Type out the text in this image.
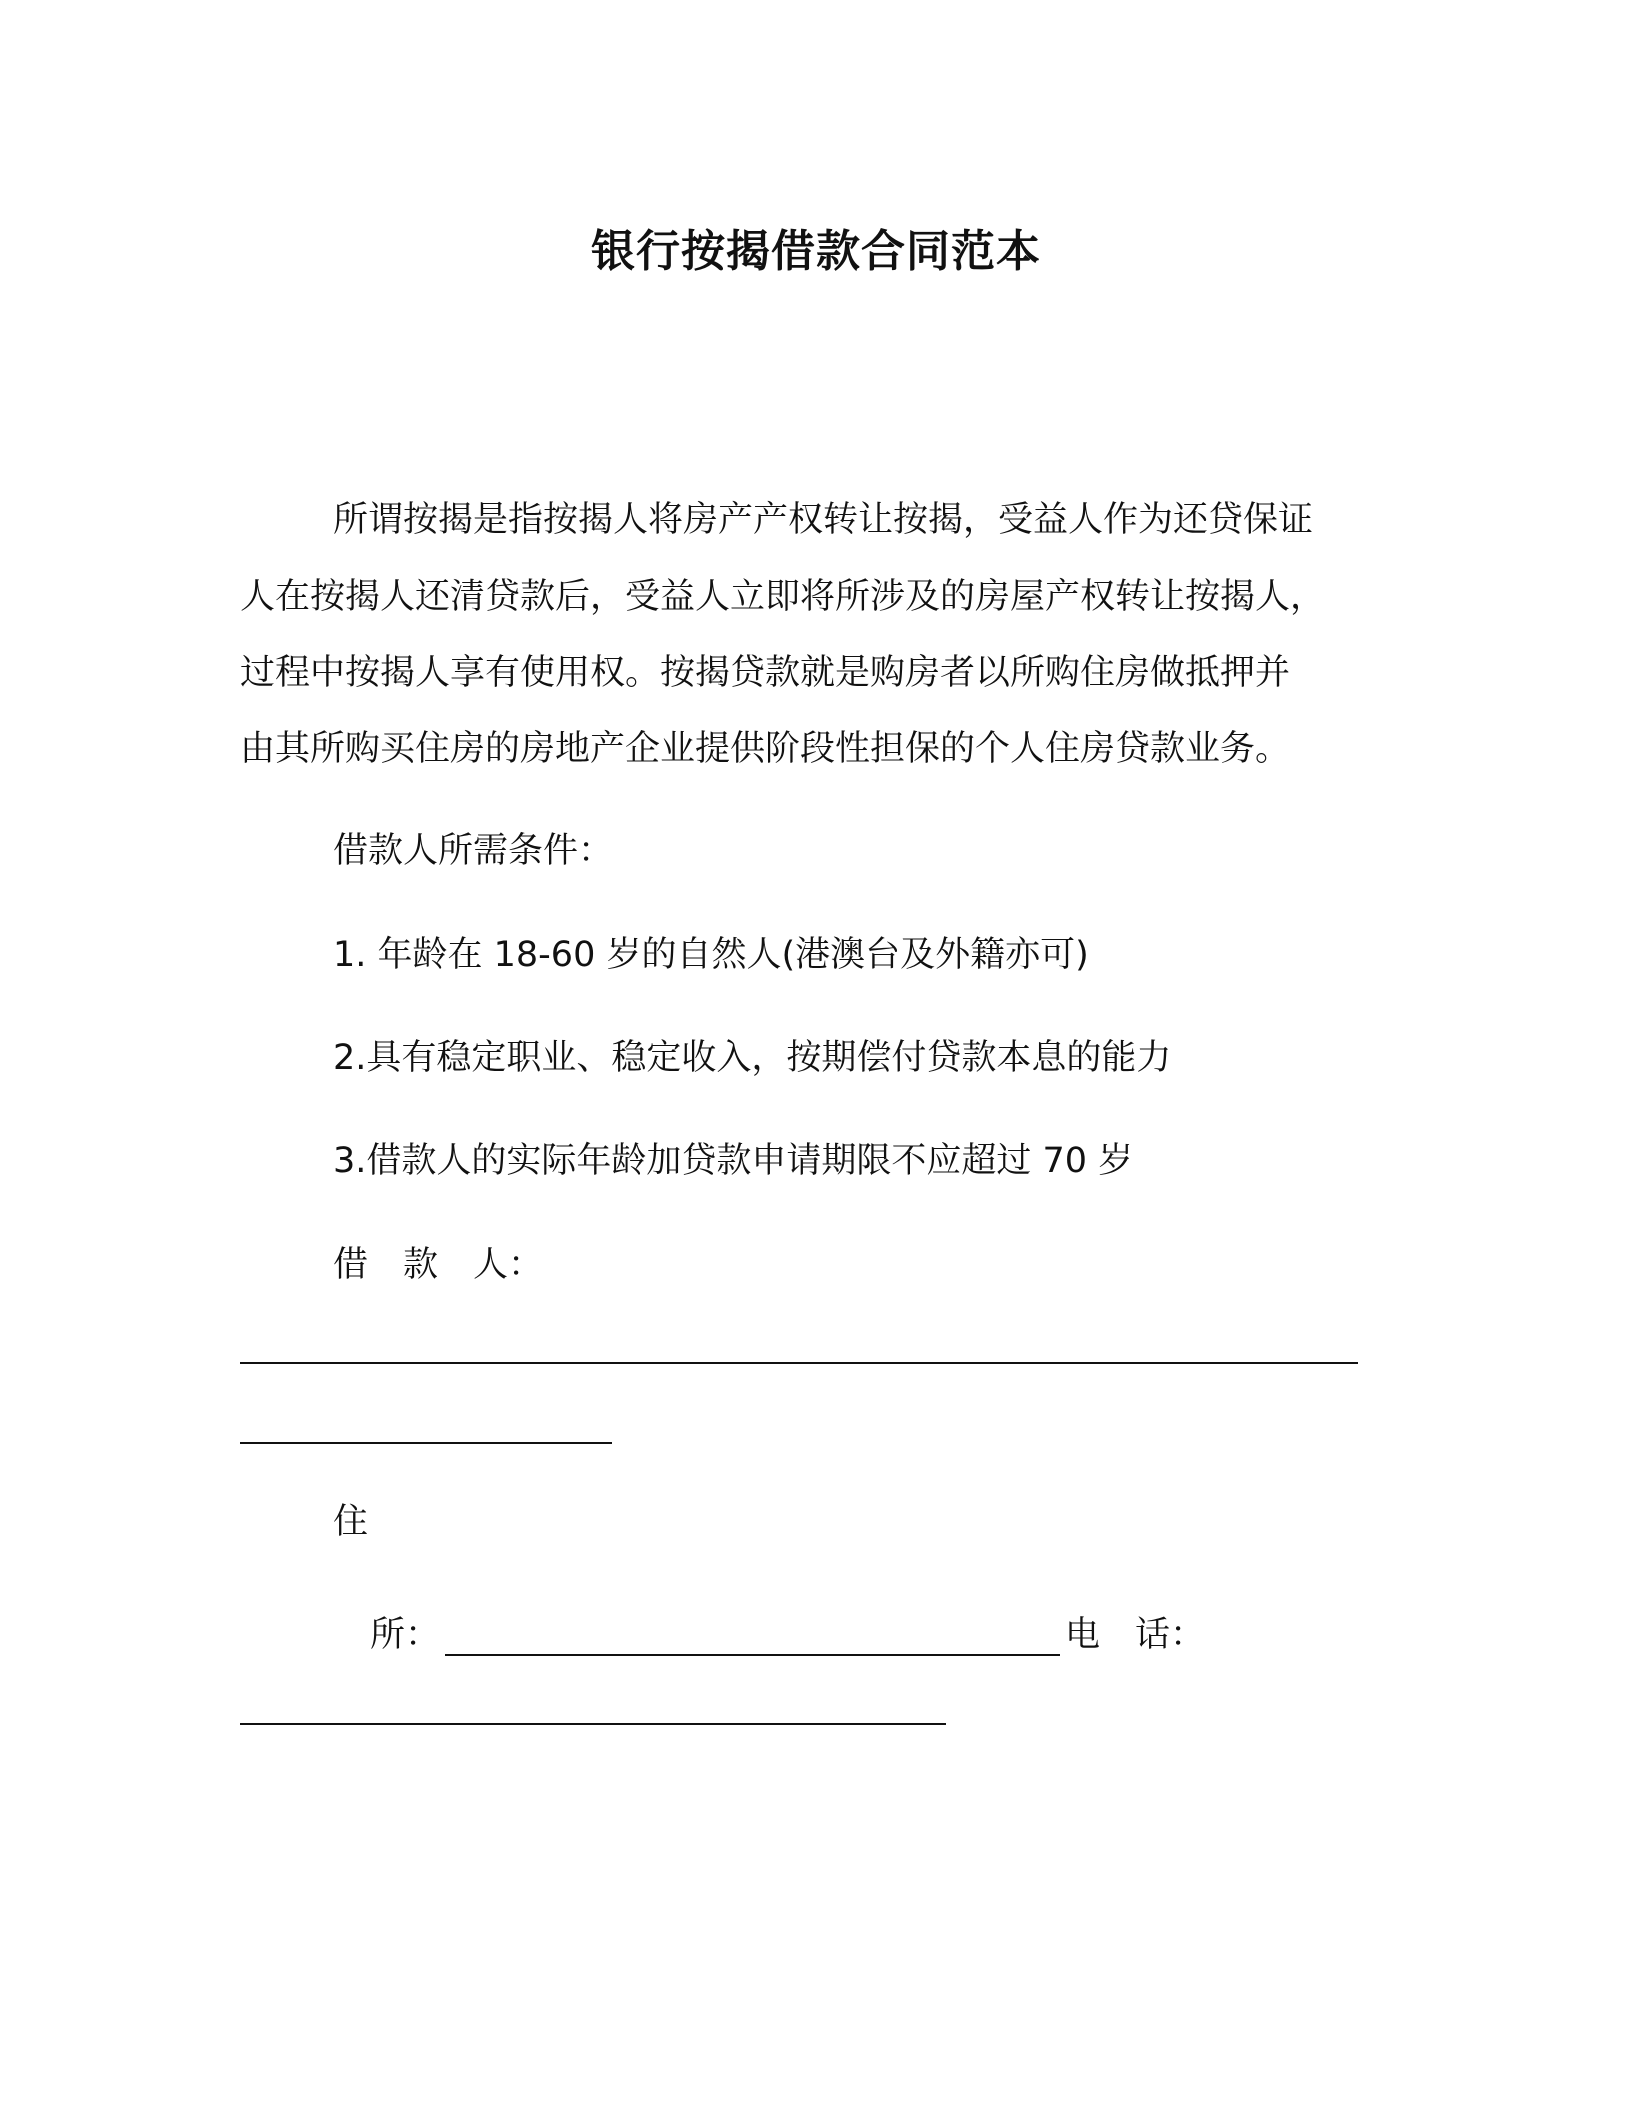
银行按揭借款合同范本
所谓按揭是指按揭人将房产产权转让按揭，受益人作为还贷保证
人在按揭人还清贷款后，受益人立即将所涉及的房屋产权转让按揭人，
过程中按揭人享有使用权。按揭贷款就是购房者以所购住房做抵押并
由其所购买住房的房地产企业提供阶段性担保的个人住房贷款业务。
借款人所需条件：
1. 年龄在 18-60 岁的自然人(港澳台及外籍亦可)
2.具有稳定职业、稳定收入，按期偿付贷款本息的能力
3.借款人的实际年龄加贷款申请期限不应超过 70 岁
借　款　人：
住
所：	电　话：
